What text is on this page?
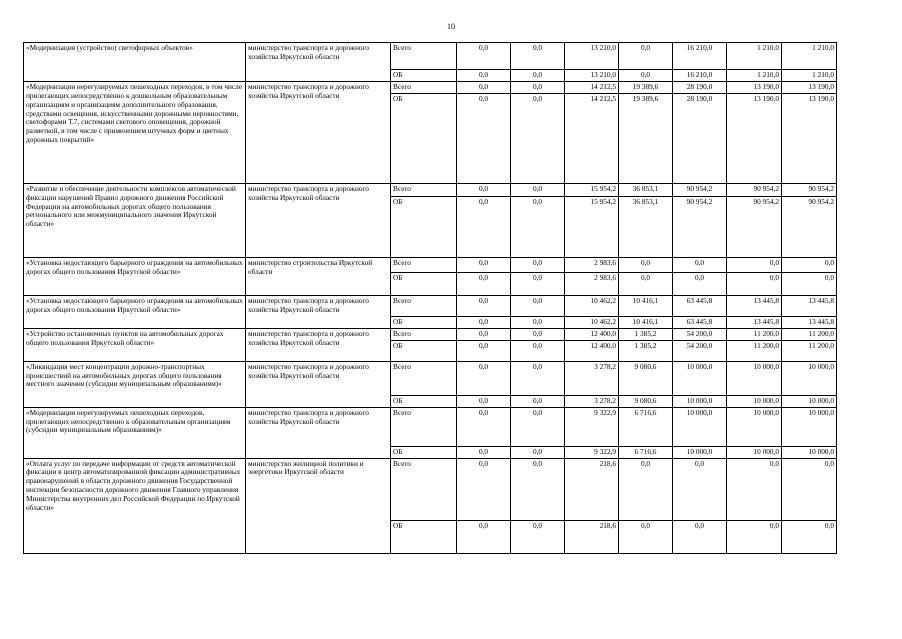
10
«Модернизация (устройство) светофорных объектов»	министерство транспорта и дорожного хозяйства Иркутской области	Всего	0,0	0,0	13 210,0	0,0	16 210,0	1 210,0	1 210,0
		ОБ	0,0	0,0	13 210,0	0,0	16 210,0	1 210,0	1 210,0
«Модернизация нерегулируемых пешеходных переходов, в том числе прилегающих непосредственно к дошкольным образовательным организациям и организациям дополнительного образования, средствами освещения, искусственными дорожными неровностями, светофорами Т.7, системами светового оповещения, дорожной разметкой, в том числе с применением штучных форм и цветных дорожных покрытий»	министерство транспорта и дорожного хозяйства Иркутской области	Всего	0,0	0,0	14 212,5	19 389,6	28 190,0	13 190,0	13 190,0
		ОБ	0,0	0,0	14 212,5	19 389,6	28 190,0	13 190,0	13 190,0
«Развитие и обеспечение деятельности комплексов автоматической фиксации нарушений Правил дорожного движения Российской Федерации на автомобильных дорогах общего пользования регионального или межмуниципального значения Иркутской области»	министерство транспорта и дорожного хозяйства Иркутской области	Всего	0,0	0,0	15 954,2	36 853,1	90 954,2	90 954,2	90 954,2
		ОБ	0,0	0,0	15 954,2	36 853,1	90 954,2	90 954,2	90 954,2
«Установка недостающего барьерного ограждения на автомобильных дорогах общего пользования Иркутской области»	министерство строительства Иркутской области	Всего	0,0	0,0	2 983,6	0,0	0,0	0,0	0,0
		ОБ	0,0	0,0	2 983,6	0,0	0,0	0,0	0,0
«Установка недостающего барьерного ограждения на автомобильных дорогах общего пользования Иркутской области»	министерство транспорта и дорожного хозяйства Иркутской области	Всего	0,0	0,0	10 462,2	10 416,1	63 445,8	13 445,8	13 445,8
		ОБ	0,0	0,0	10 462,2	10 416,1	63 445,8	13 445,8	13 445,8
«Устройство остановочных пунктов на автомобильных дорогах общего пользования Иркутской области»	министерство транспорта и дорожного хозяйства Иркутской области	Всего	0,0	0,0	12 400,0	1 385,2	54 200,0	11 200,0	11 200,0
		ОБ	0,0	0,0	12 400,0	1 385,2	54 200,0	11 200,0	11 200,0
«Ликвидация мест концентрации дорожно-транспортных происшествий на автомобильных дорогах общего пользования местного значения (субсидии муниципальным образованиям)»	министерство транспорта и дорожного хозяйства Иркутской области	Всего	0,0	0,0	3 278,2	9 080,6	10 000,0	10 000,0	10 000,0
		ОБ	0,0	0,0	3 278,2	9 080,6	10 000,0	10 000,0	10 000,0
«Модернизация нерегулируемых пешеходных переходов, прилегающих непосредственно к образовательным организациям (субсидии муниципальным образованиям)»	министерство транспорта и дорожного хозяйства Иркутской области	Всего	0,0	0,0	9 322,9	6 716,6	10 000,0	10 000,0	10 000,0
		ОБ	0,0	0,0	9 322,9	6 716,6	10 000,0	10 000,0	10 000,0
«Оплата услуг по передаче информации от средств автоматической фиксации в центр автоматизированной фиксации административных правонарушений в области дорожного движения Государственной инспекции безопасности дорожного движения Главного управления Министерства внутренних дел Российской Федерации по Иркутской области»	министерство жилищной политики и энергетики Иркутской области	Всего	0,0	0,0	218,6	0,0	0,0	0,0	0,0
		ОБ	0,0	0,0	218,6	0,0	0,0	0,0	0,0
